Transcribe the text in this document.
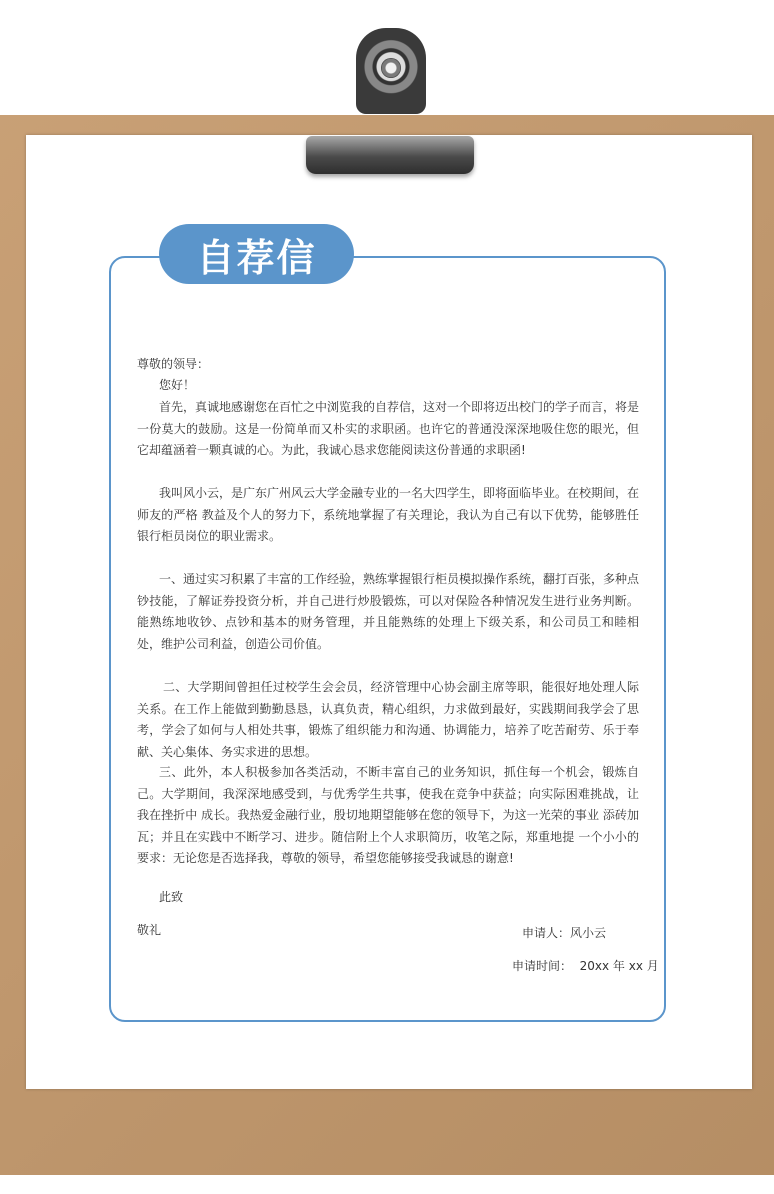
自荐信

尊敬的领导：

您好！

首先，真诚地感谢您在百忙之中浏览我的自荐信，这对一个即将迈出校门的学子而言，将是一份莫大的鼓励。这是一份简单而又朴实的求职函。也许它的普通没深深地吸住您的眼光，但它却蕴涵着一颗真诚的心。为此，我诚心恳求您能阅读这份普通的求职函!

我叫风小云，是广东广州风云大学金融专业的一名大四学生，即将面临毕业。在校期间，在师友的严格 教益及个人的努力下，系统地掌握了有关理论，我认为自己有以下优势，能够胜任银行柜员岗位的职业需求。

一、通过实习积累了丰富的工作经验，熟练掌握银行柜员模拟操作系统，翻打百张，多种点钞技能，了解证券投资分析，并自己进行炒股锻炼，可以对保险各种情况发生进行业务判断。能熟练地收钞、点钞和基本的财务管理，并且能熟练的处理上下级关系，和公司员工和睦相处，维护公司利益，创造公司价值。

二、大学期间曾担任过校学生会会员，经济管理中心协会副主席等职，能很好地处理人际关系。在工作上能做到勤勤恳恳，认真负责，精心组织，力求做到最好，实践期间我学会了思考，学会了如何与人相处共事，锻炼了组织能力和沟通、协调能力，培养了吃苦耐劳、乐于奉献、关心集体、务实求进的思想。

三、此外，本人积极参加各类活动，不断丰富自己的业务知识，抓住每一个机会，锻炼自己。大学期间，我深深地感受到，与优秀学生共事，使我在竞争中获益；向实际困难挑战，让我在挫折中 成长。我热爱金融行业，殷切地期望能够在您的领导下，为这一光荣的事业 添砖加瓦；并且在实践中不断学习、进步。随信附上个人求职简历，收笔之际，郑重地提 一个小小的要求：无论您是否选择我，尊敬的领导，希望您能够接受我诚恳的谢意!

此致

敬礼	申请人：风小云
申请时间：  20xx 年 xx 月
